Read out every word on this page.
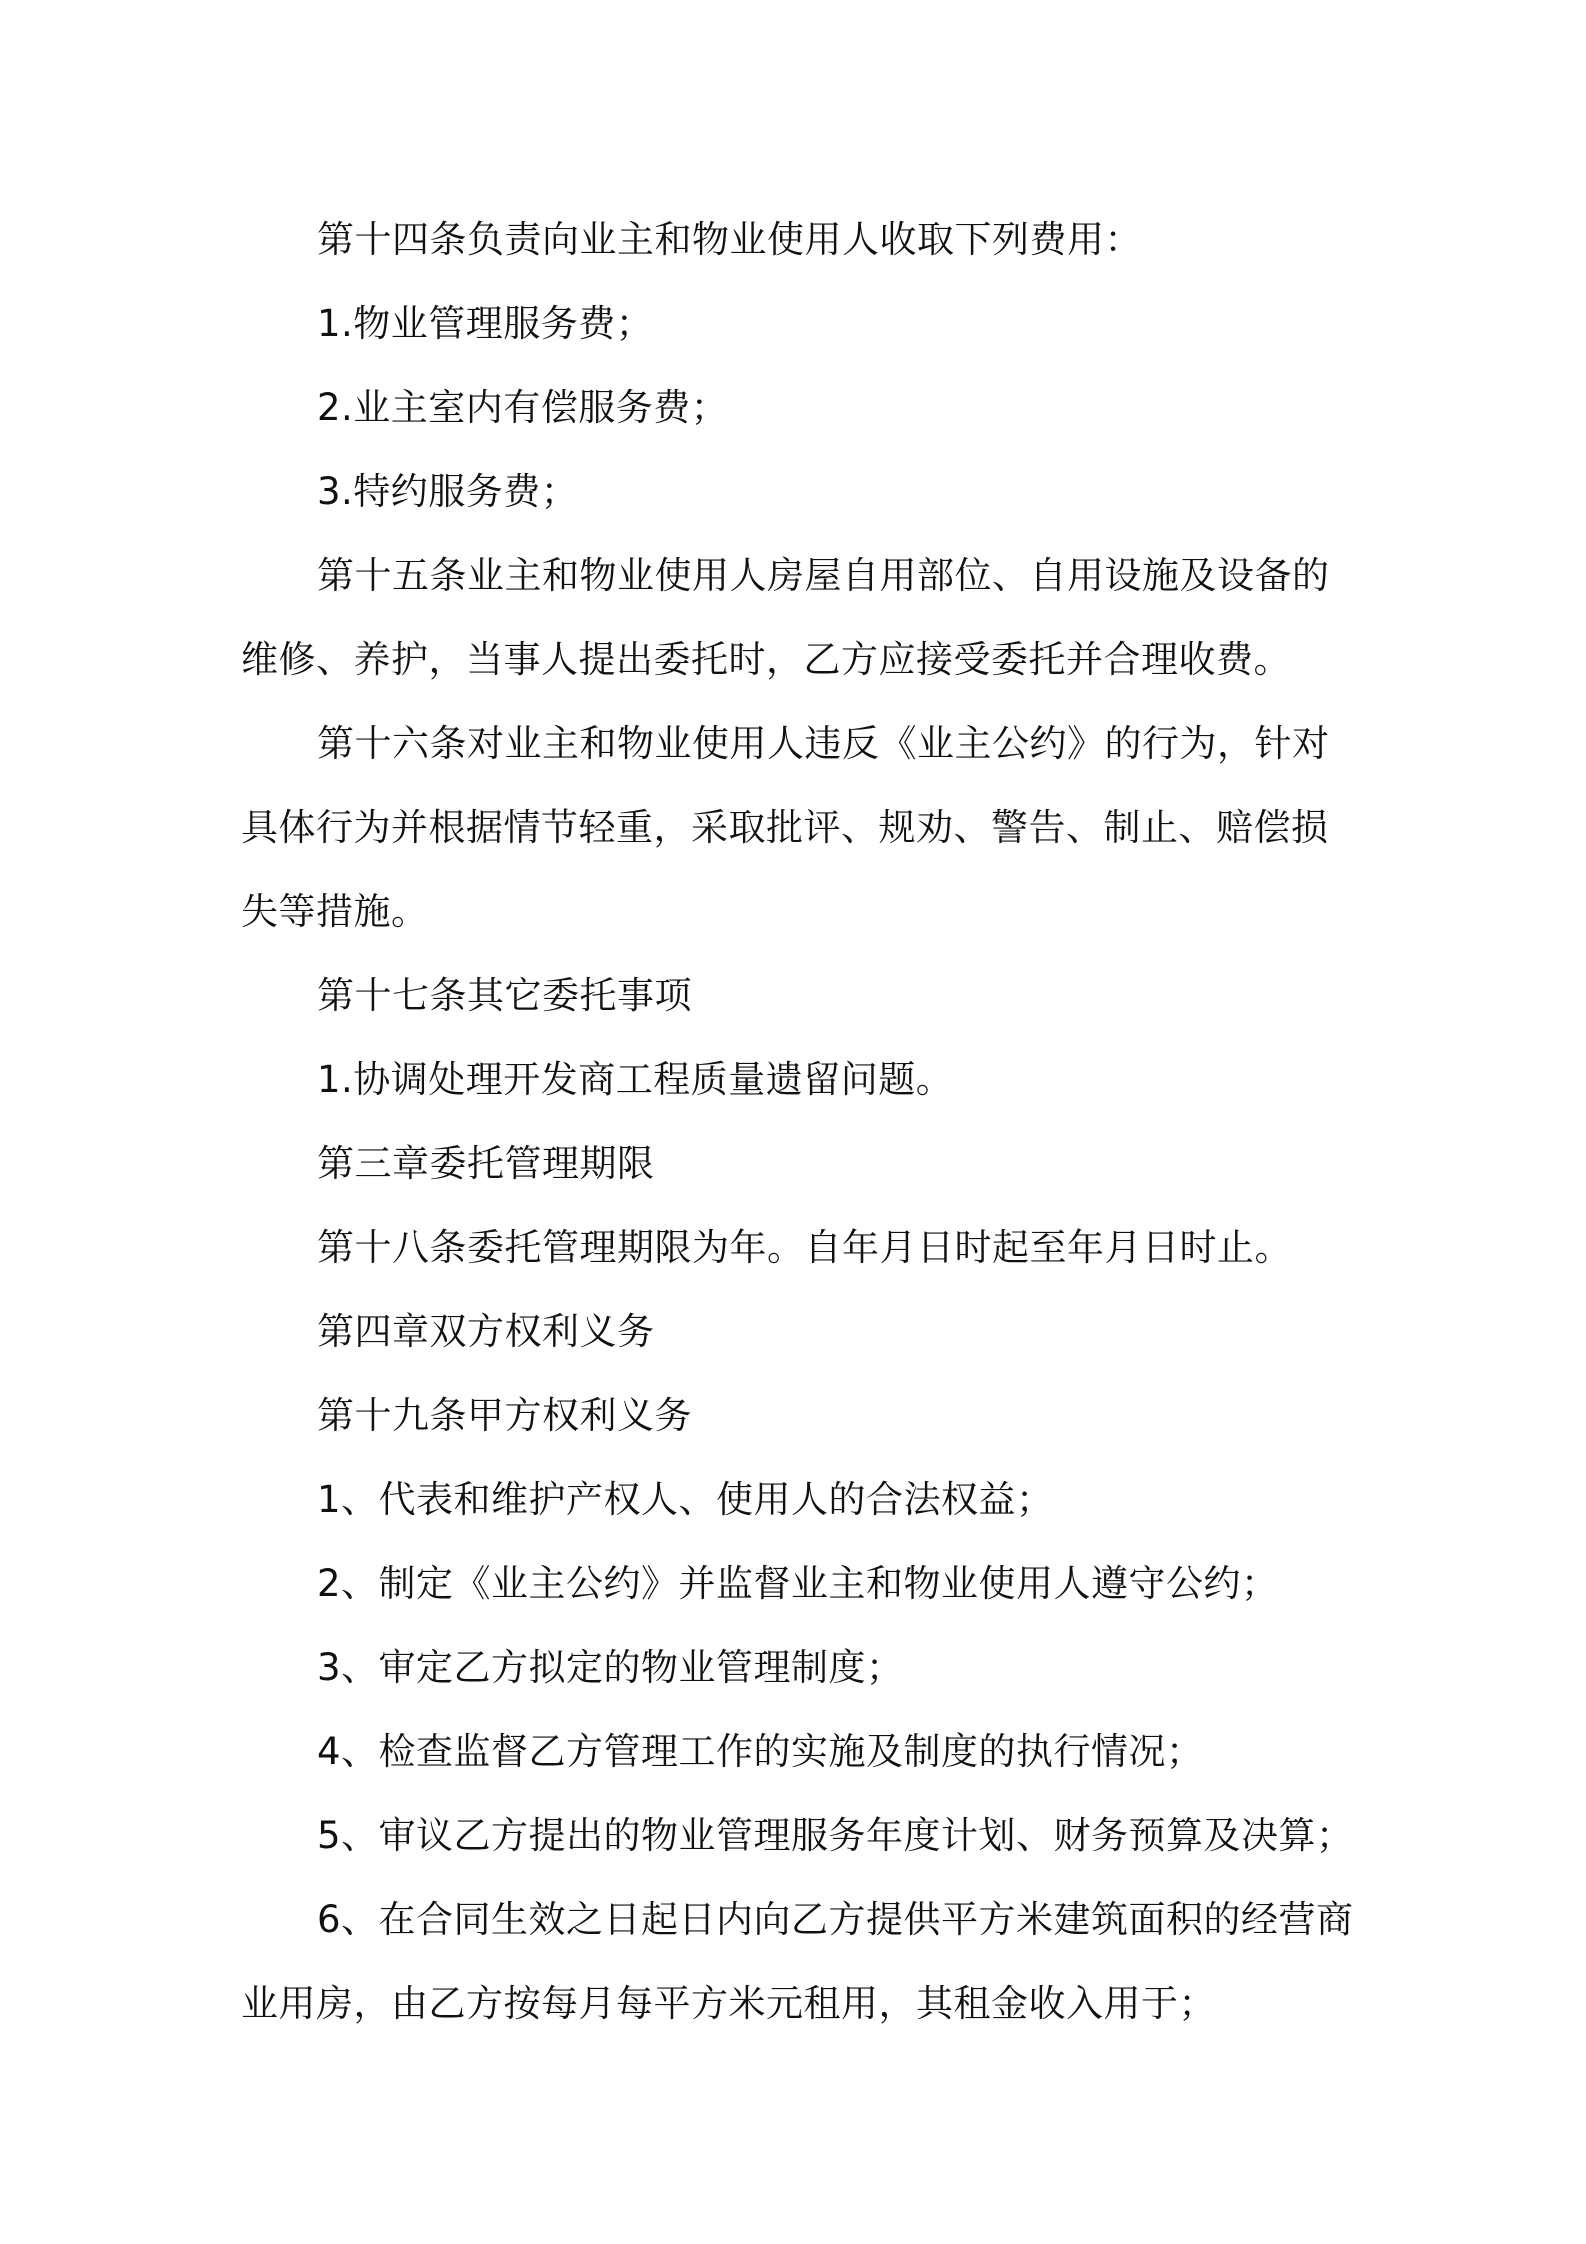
第十四条负责向业主和物业使用人收取下列费用：

1.物业管理服务费；

2.业主室内有偿服务费；

3.特约服务费；

第十五条业主和物业使用人房屋自用部位、自用设施及设备的维修、养护，当事人提出委托时，乙方应接受委托并合理收费。

第十六条对业主和物业使用人违反《业主公约》的行为，针对具体行为并根据情节轻重，采取批评、规劝、警告、制止、赔偿损失等措施。

第十七条其它委托事项

1.协调处理开发商工程质量遗留问题。

第三章委托管理期限

第十八条委托管理期限为年。自年月日时起至年月日时止。

第四章双方权利义务

第十九条甲方权利义务

1、代表和维护产权人、使用人的合法权益；

2、制定《业主公约》并监督业主和物业使用人遵守公约；

3、审定乙方拟定的物业管理制度；

4、检查监督乙方管理工作的实施及制度的执行情况；

5、审议乙方提出的物业管理服务年度计划、财务预算及决算；

6、在合同生效之日起日内向乙方提供平方米建筑面积的经营商业用房，由乙方按每月每平方米元租用，其租金收入用于；
